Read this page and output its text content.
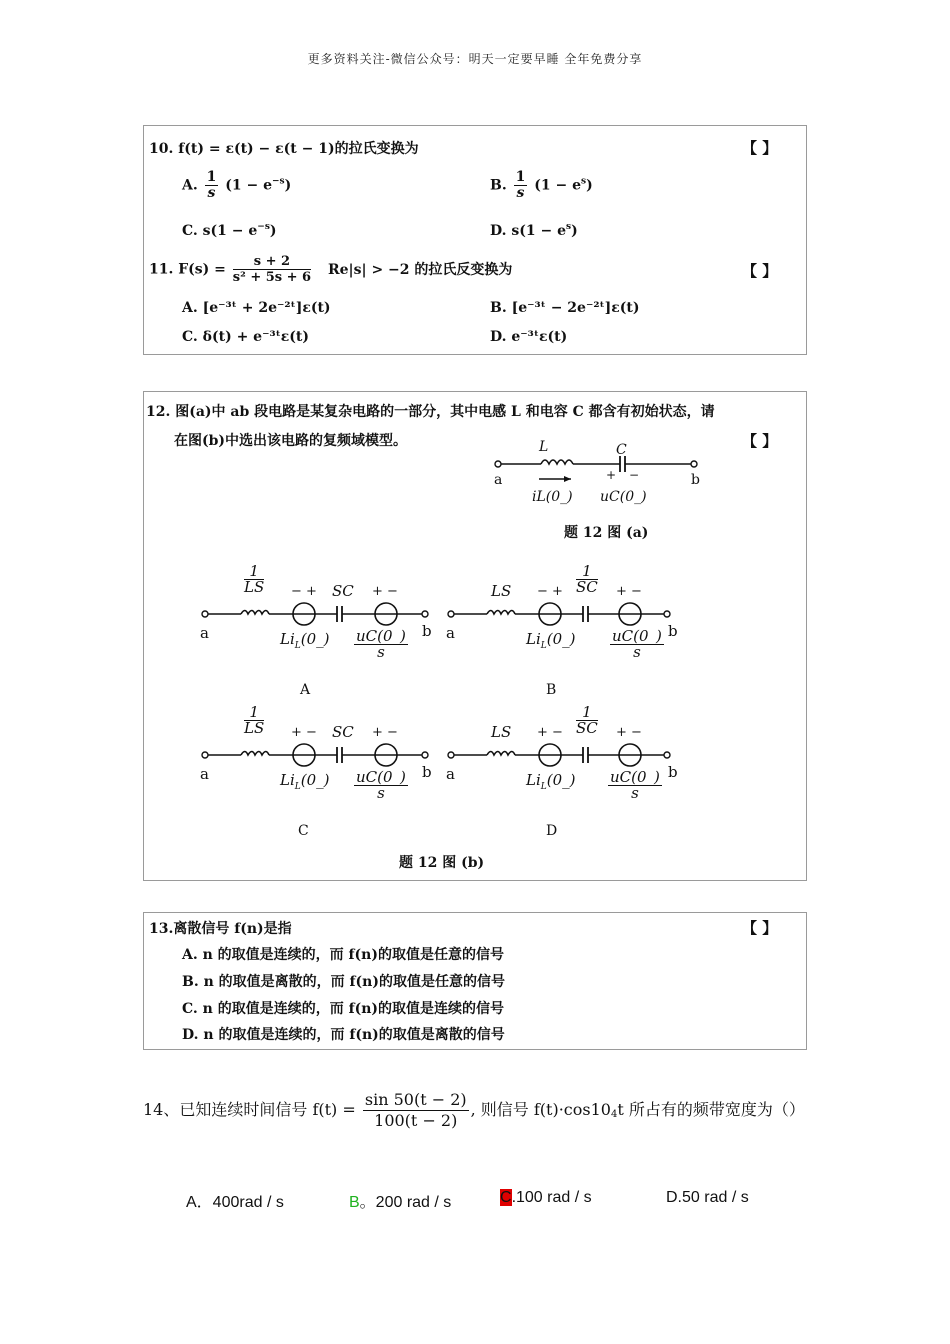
更多资料关注-微信公众号：明天一定要早睡 全年免费分享
10. f(t) = ε(t) − ε(t − 1)的拉氏变换为	【 】
A. $\frac{1}{s} (1 - e^{-s})$	B. $\frac{1}{s} (1 - e^s)$
C. $s(1 - e^{-s})$	D. $s(1 - e^s)$
11. $F(s) = \frac{s + 2}{\text{s² + 5s + 6}} Re|s| > -2$ 的拉氏反变换为	【 】
A. [e⁻³ᵗ + 2e⁻²ᵗ]ε(t)	B. [e⁻³ᵗ − 2e⁻²ᵗ]ε(t)
C. δ(t) + e⁻³ᵗε(t)	D. e⁻³ᵗε(t)
12. 图(a)中 ab 段电路是某复杂电路的一部分，其中电感 L 和电容 C 都含有初始状态，请
在图(b)中选出该电路的复频域模型。	【 】
L	C
a	b
+ −
iL(0_) uC(0_)
题 12 图 (a)
$\frac{1}{LS}$ − + SC + −
a	b
$Li_L(0\_) \frac{uC(0\_)}{s}$
A
LS − + $\frac{1}{SC}$ + −
a	b
$Li_L(0\_) \frac{uC(0\_)}{s}$
B
$\frac{1}{LS}$ + − SC + −
a	b
$Li_L(0\_) \frac{uC(0\_)}{s}$
C
LS + − $\frac{1}{SC}$ + −
a	b
$Li_L(0\_) \frac{uC(0\_)}{s}$
D
题 12 图 (b)
13.离散信号 f(n)是指	【 】
A. n 的取值是连续的，而 f(n)的取值是任意的信号
B. n 的取值是离散的，而 f(n)的取值是任意的信号
C. n 的取值是连续的，而 f(n)的取值是连续的信号
D. n 的取值是连续的，而 f(n)的取值是离散的信号
14、已知连续时间信号 $f(t) = \frac{\sin 50(t - 2)}{100(t - 2)}$ , 则信号 f(t)·cos104t 所占有的频带宽度为（）
A．400rad / s	B。200 rad / s	C.100 rad / s	D.50 rad / s
